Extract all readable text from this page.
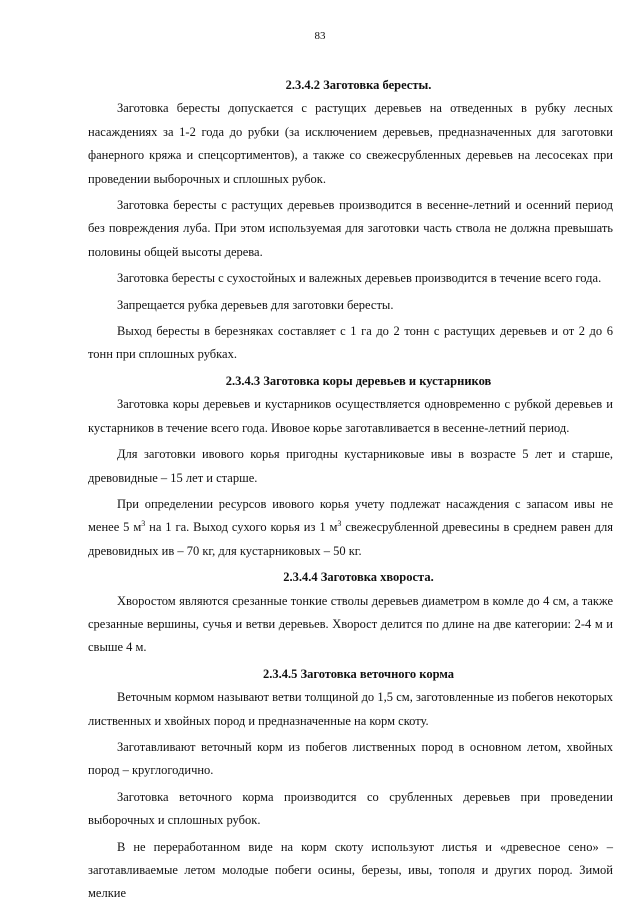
83

2.3.4.2 Заготовка бересты.

Заготовка бересты допускается с растущих деревьев на отведенных в рубку лесных насаждениях за 1-2 года до рубки (за исключением деревьев, предназначенных для заготовки фанерного кряжа и спецсортиментов), а также со свежесрубленных деревьев на лесосеках при проведении выборочных и сплошных рубок.

Заготовка бересты с растущих деревьев производится в весенне-летний и осенний период без повреждения луба. При этом используемая для заготовки часть ствола не должна превышать половины общей высоты дерева.

Заготовка бересты с сухостойных и валежных деревьев производится в течение всего года.

Запрещается рубка деревьев для заготовки бересты.

Выход бересты в березняках составляет с 1 га до 2 тонн с растущих деревьев и от 2 до 6 тонн при сплошных рубках.

2.3.4.3 Заготовка коры деревьев и кустарников

Заготовка коры деревьев и кустарников осуществляется одновременно с рубкой деревьев и кустарников в течение всего года. Ивовое корье заготавливается в весенне-летний период.

Для заготовки ивового корья пригодны кустарниковые ивы в возрасте 5 лет и старше, древовидные – 15 лет и старше.

При определении ресурсов ивового корья учету подлежат насаждения с запасом ивы не менее 5 $м^3$ на 1 га. Выход сухого корья из 1 $м^3$ свежесрубленной древесины в среднем равен для древовидных ив – 70 кг, для кустарниковых – 50 кг.

2.3.4.4 Заготовка хвороста.

Хворостом являются срезанные тонкие стволы деревьев диаметром в комле до 4 см, а также срезанные вершины, сучья и ветви деревьев. Хворост делится по длине на две категории: 2-4 м и свыше 4 м.

2.3.4.5 Заготовка веточного корма

Веточным кормом называют ветви толщиной до 1,5 см, заготовленные из побегов некоторых лиственных и хвойных пород и предназначенные на корм скоту.

Заготавливают веточный корм из побегов лиственных пород в основном летом, хвойных пород – круглогодично.

Заготовка веточного корма производится со срубленных деревьев при проведении выборочных и сплошных рубок.

В не переработанном виде на корм скоту используют листья и «древесное сено» – заготавливаемые летом молодые побеги осины, березы, ивы, тополя и других пород. Зимой мелкие
